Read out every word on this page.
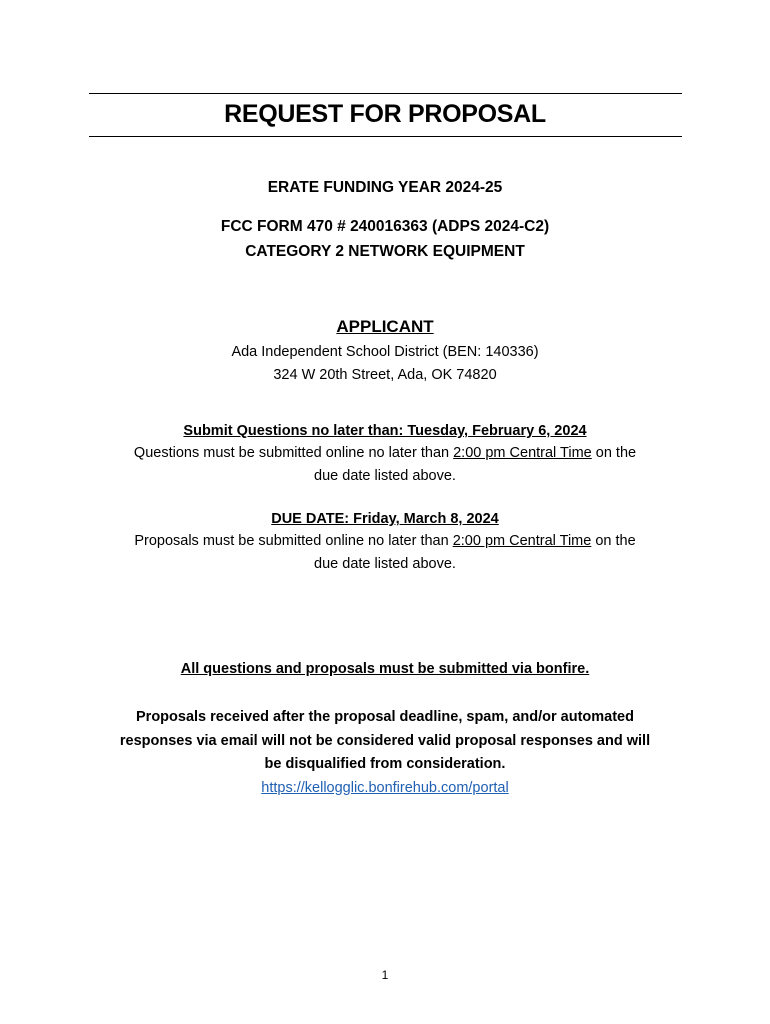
REQUEST FOR PROPOSAL
ERATE FUNDING YEAR 2024-25
FCC FORM 470 # 240016363 (ADPS 2024-C2)
CATEGORY 2 NETWORK EQUIPMENT
APPLICANT
Ada Independent School District (BEN: 140336)
324 W 20th Street, Ada, OK 74820
Submit Questions no later than: Tuesday, February 6, 2024
Questions must be submitted online no later than 2:00 pm Central Time on the
due date listed above.
DUE DATE: Friday, March 8, 2024
Proposals must be submitted online no later than 2:00 pm Central Time on the
due date listed above.
All questions and proposals must be submitted via bonfire.
Proposals received after the proposal deadline, spam, and/or automated
responses via email will not be considered valid proposal responses and will
be disqualified from consideration.
https://kellogglic.bonfirehub.com/portal
1
